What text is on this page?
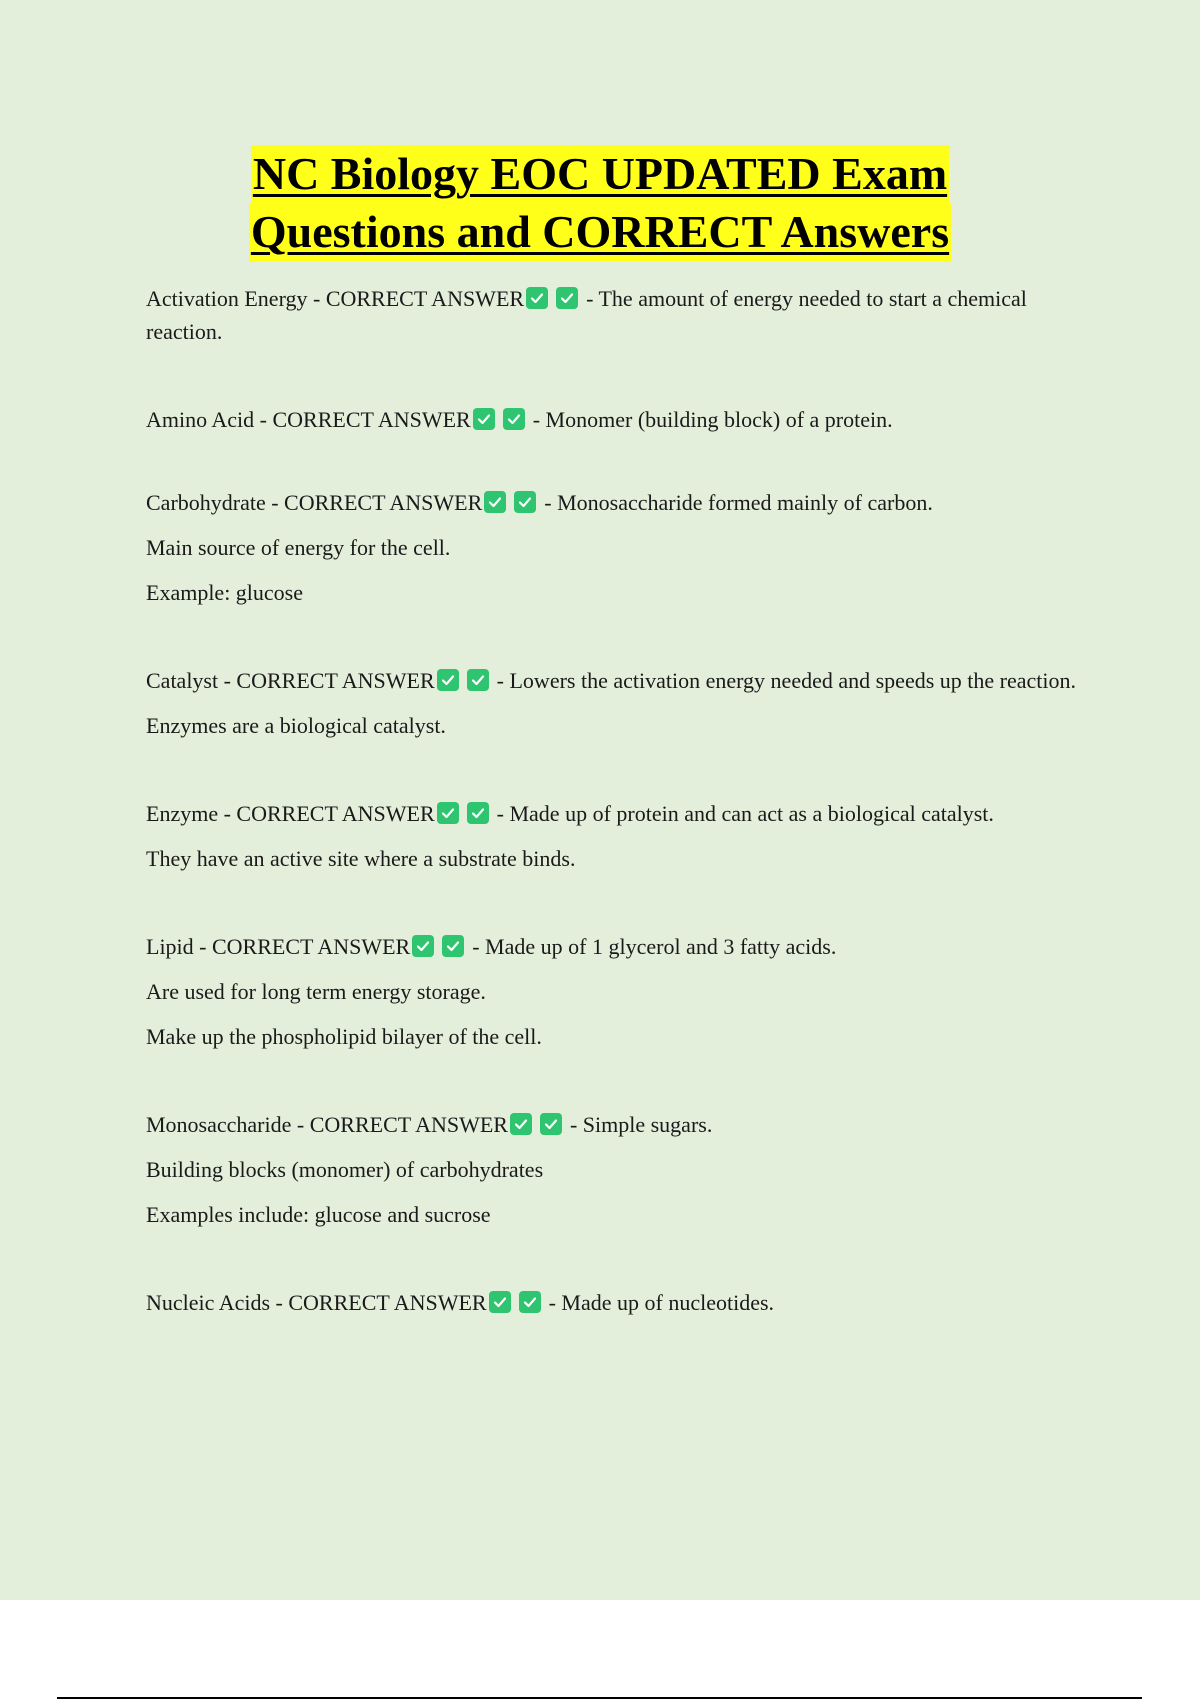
NC Biology EOC UPDATED Exam
Questions and CORRECT Answers

Activation Energy - CORRECT ANSWER	- The amount of energy needed to start a chemical reaction.

Amino Acid - CORRECT ANSWER	- Monomer (building block) of a protein.

Carbohydrate - CORRECT ANSWER	- Monosaccharide formed mainly of carbon.

Main source of energy for the cell.

Example: glucose

Catalyst - CORRECT ANSWER	- Lowers the activation energy needed and speeds up the reaction.

Enzymes are a biological catalyst.

Enzyme - CORRECT ANSWER	- Made up of protein and can act as a biological catalyst.

They have an active site where a substrate binds.

Lipid - CORRECT ANSWER	- Made up of 1 glycerol and 3 fatty acids.

Are used for long term energy storage.

Make up the phospholipid bilayer of the cell.

Monosaccharide - CORRECT ANSWER	- Simple sugars.

Building blocks (monomer) of carbohydrates

Examples include: glucose and sucrose

Nucleic Acids - CORRECT ANSWER	- Made up of nucleotides.
